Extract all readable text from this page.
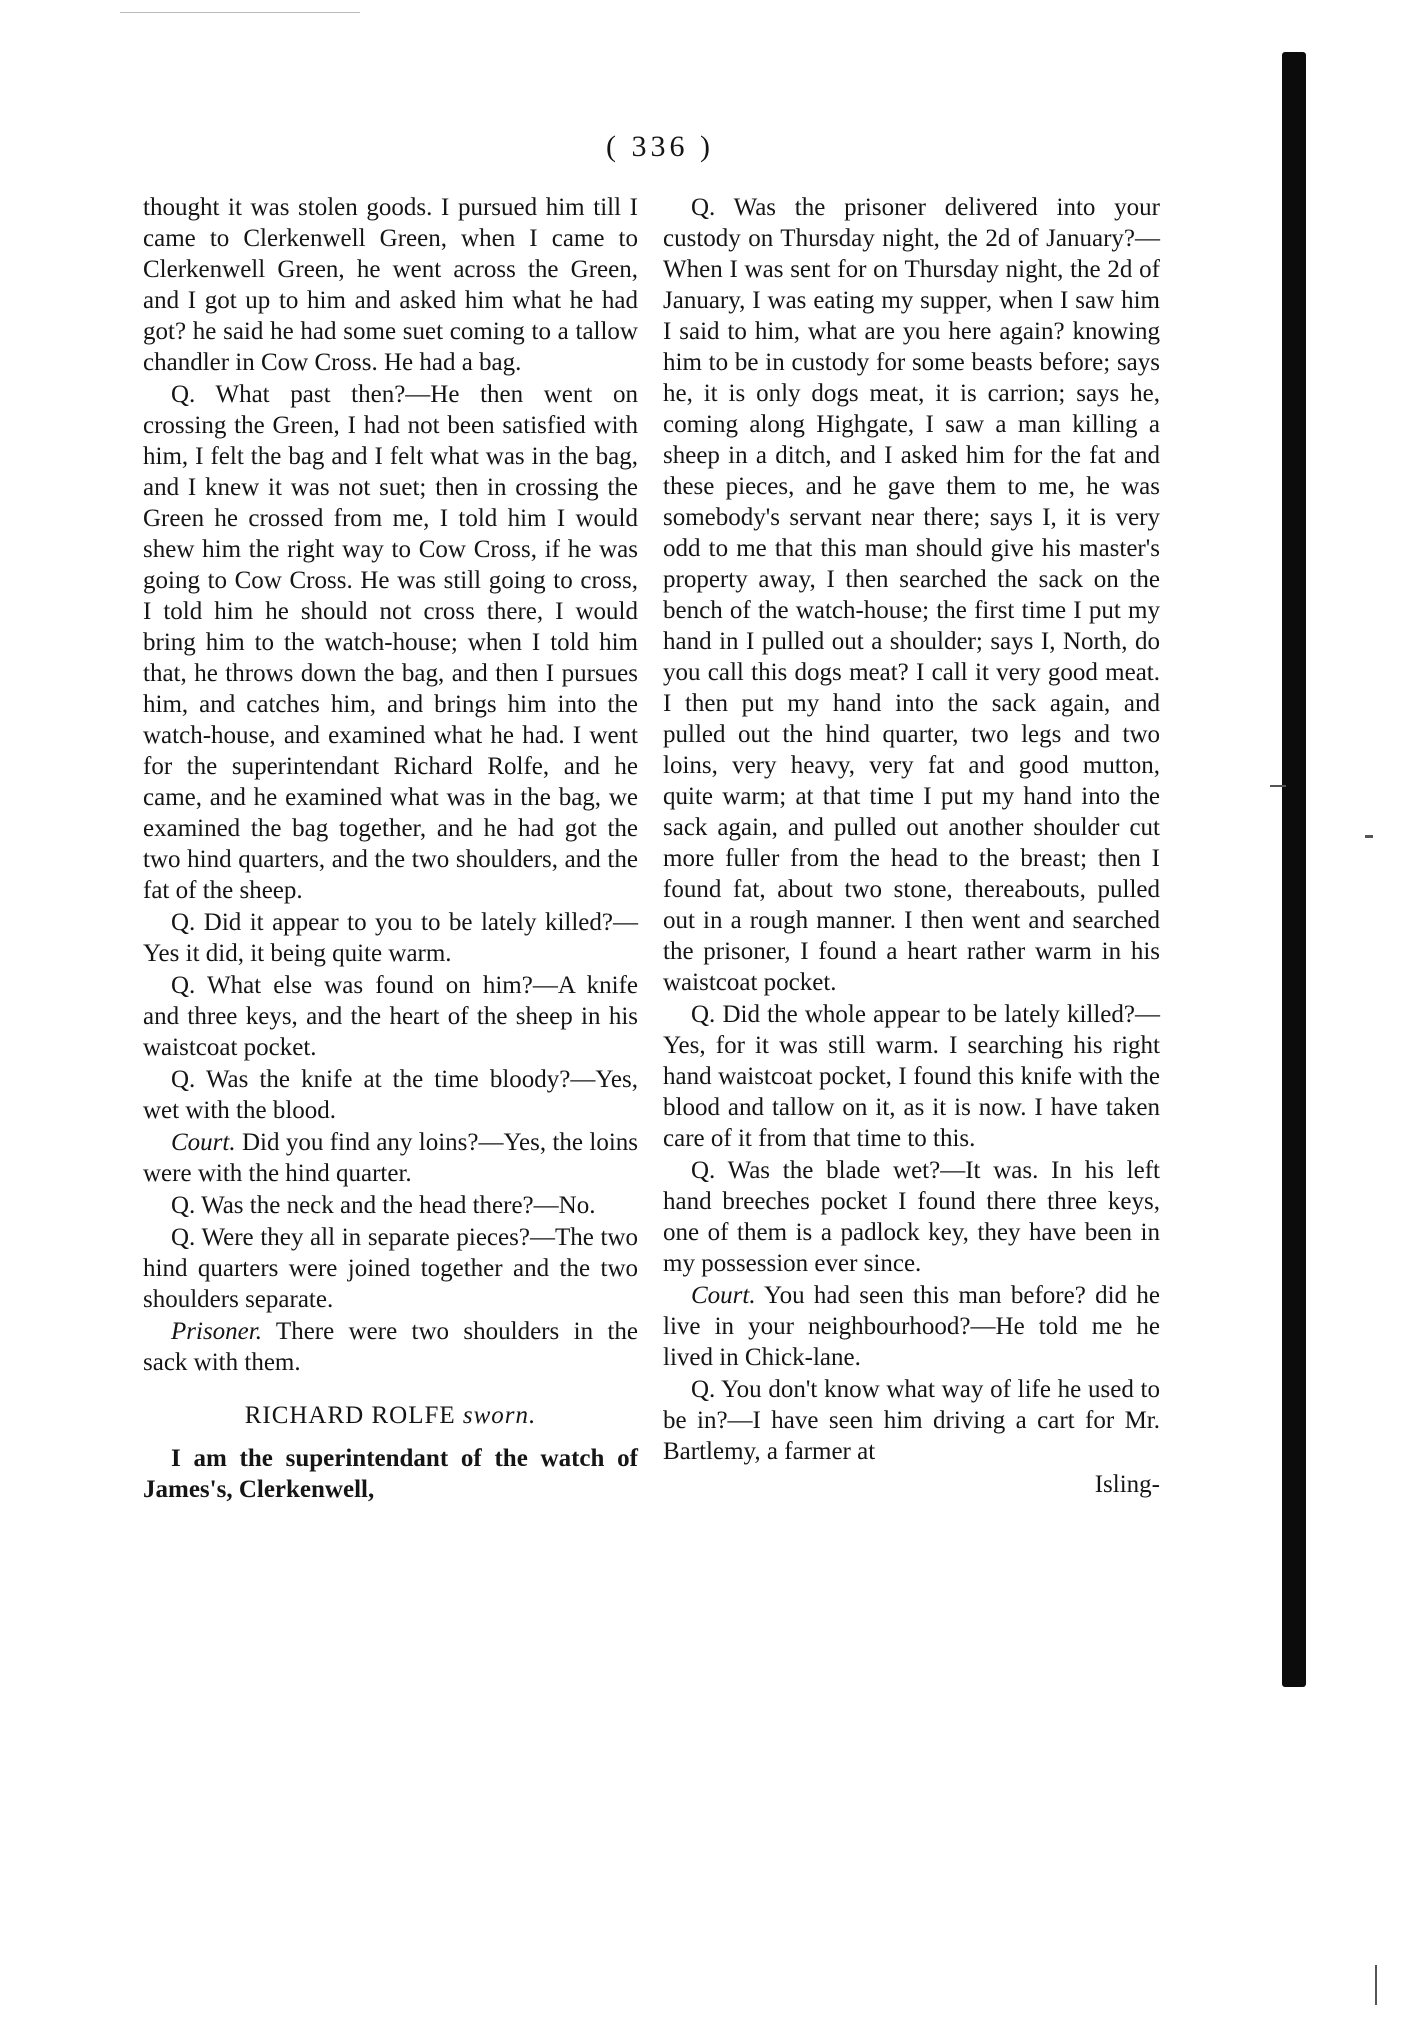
( 336 )

thought it was stolen goods. I pursued him till I came to Clerkenwell Green, when I came to Clerkenwell Green, he went across the Green, and I got up to him and asked him what he had got? he said he had some suet coming to a tallow chandler in Cow Cross. He had a bag.

Q. What past then?—He then went on crossing the Green, I had not been satisfied with him, I felt the bag and I felt what was in the bag, and I knew it was not suet; then in crossing the Green he crossed from me, I told him I would shew him the right way to Cow Cross, if he was going to Cow Cross. He was still going to cross, I told him he should not cross there, I would bring him to the watch-house; when I told him that, he throws down the bag, and then I pursues him, and catches him, and brings him into the watch-house, and examined what he had. I went for the superintendant Richard Rolfe, and he came, and he examined what was in the bag, we examined the bag together, and he had got the two hind quarters, and the two shoulders, and the fat of the sheep.

Q. Did it appear to you to be lately killed?—Yes it did, it being quite warm.

Q. What else was found on him?—A knife and three keys, and the heart of the sheep in his waistcoat pocket.

Q. Was the knife at the time bloody?—Yes, wet with the blood.

Court. Did you find any loins?—Yes, the loins were with the hind quarter.

Q. Was the neck and the head there?—No.

Q. Were they all in separate pieces?—The two hind quarters were joined together and the two shoulders separate.

Prisoner. There were two shoulders in the sack with them.

RICHARD ROLFE sworn.

I am the superintendant of the watch of James's, Clerkenwell,

Q. Was the prisoner delivered into your custody on Thursday night, the 2d of January?—When I was sent for on Thursday night, the 2d of January, I was eating my supper, when I saw him I said to him, what are you here again? knowing him to be in custody for some beasts before; says he, it is only dogs meat, it is carrion; says he, coming along Highgate, I saw a man killing a sheep in a ditch, and I asked him for the fat and these pieces, and he gave them to me, he was somebody's servant near there; says I, it is very odd to me that this man should give his master's property away, I then searched the sack on the bench of the watch-house; the first time I put my hand in I pulled out a shoulder; says I, North, do you call this dogs meat? I call it very good meat. I then put my hand into the sack again, and pulled out the hind quarter, two legs and two loins, very heavy, very fat and good mutton, quite warm; at that time I put my hand into the sack again, and pulled out another shoulder cut more fuller from the head to the breast; then I found fat, about two stone, thereabouts, pulled out in a rough manner. I then went and searched the prisoner, I found a heart rather warm in his waistcoat pocket.

Q. Did the whole appear to be lately killed?—Yes, for it was still warm. I searching his right hand waistcoat pocket, I found this knife with the blood and tallow on it, as it is now. I have taken care of it from that time to this.

Q. Was the blade wet?—It was. In his left hand breeches pocket I found there three keys, one of them is a padlock key, they have been in my possession ever since.

Court. You had seen this man before? did he live in your neighbourhood?—He told me he lived in Chick-lane.

Q. You don't know what way of life he used to be in?—I have seen him driving a cart for Mr. Bartlemy, a farmer at

Isling-
